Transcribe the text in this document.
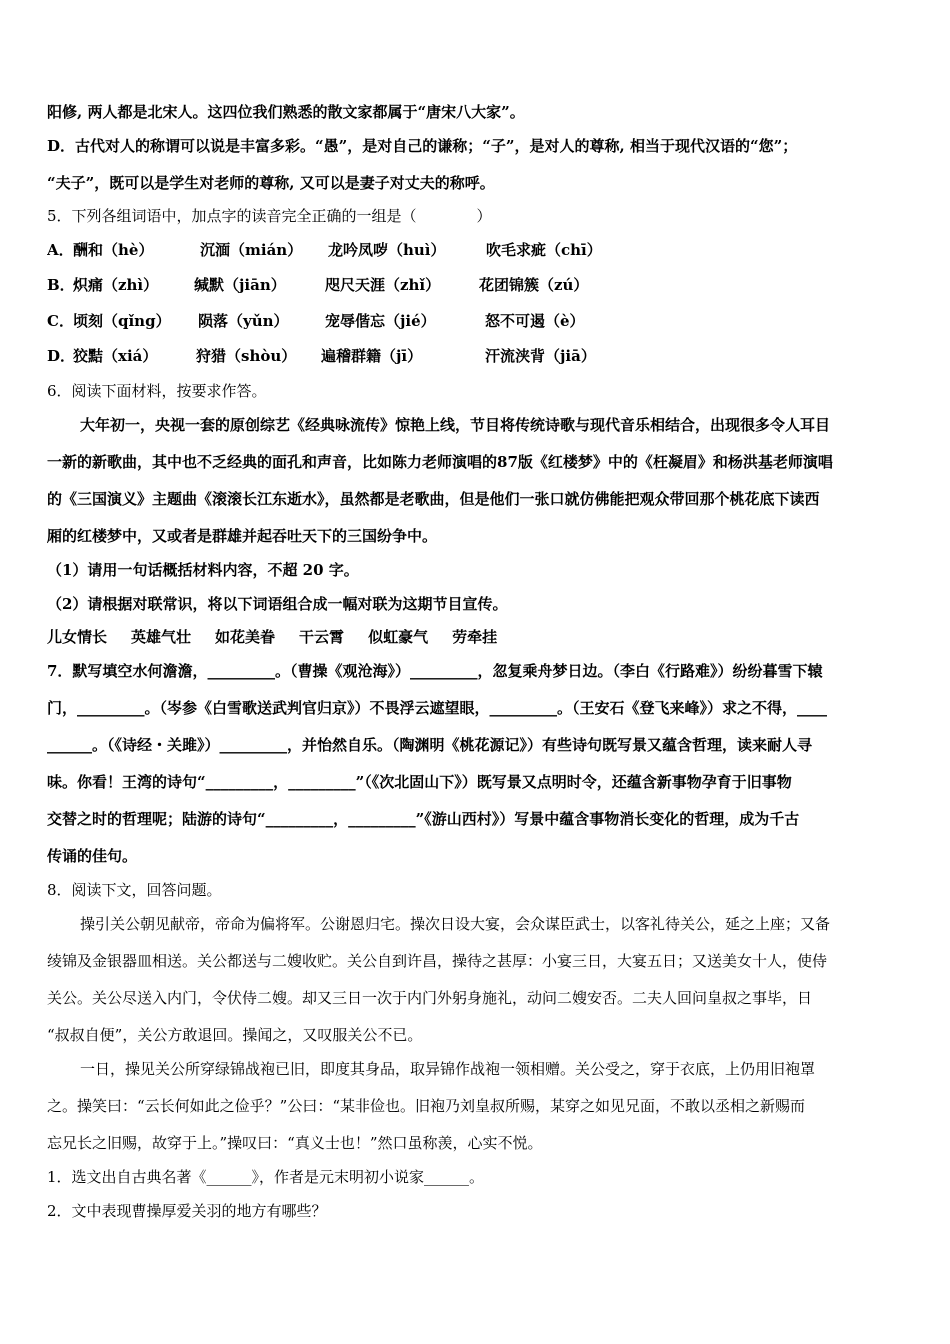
阳修, 两人都是北宋人。这四位我们熟悉的散文家都属于“唐宋八大家”。
D．古代对人的称谓可以说是丰富多彩。“愚”，是对自己的谦称；“子”，是对人的尊称, 相当于现代汉语的“您”；
“夫子”，既可以是学生对老师的尊称, 又可以是妻子对丈夫的称呼。
5．下列各组词语中，加点字的读音完全正确的一组是（　　　　）
A．酬和（hè）	沉湎（mián） 龙吟凤哕（huì）	吹毛求疵（chī）
B．炽痛（zhì） 缄默（jiān）	咫尺天涯（zhǐ）	花团锦簇（zú）
C．顷刻（qǐng） 陨落（yǔn） 宠辱偕忘（jié）	怒不可遏（è）
D．狡黠（xiá）	狩猎（shòu） 遍稽群籍（jī）	汗流浃背（jiā）
6．阅读下面材料，按要求作答。
大年初一，央视一套的原创综艺《经典咏流传》惊艳上线，节目将传统诗歌与现代音乐相结合，出现很多令人耳目
一新的新歌曲，其中也不乏经典的面孔和声音，比如陈力老师演唱的87版《红楼梦》中的《枉凝眉》和杨洪基老师演唱
的《三国演义》主题曲《滚滚长江东逝水》，虽然都是老歌曲，但是他们一张口就仿佛能把观众带回那个桃花底下读西
厢的红楼梦中，又或者是群雄并起吞吐天下的三国纷争中。
（1）请用一句话概括材料内容，不超 20 字。
（2）请根据对联常识，将以下词语组合成一幅对联为这期节目宣传。
儿女情长 英雄气壮 如花美眷 干云霄 似虹豪气 劳牵挂
7．默写填空水何澹澹，_________。（曹操《观沧海》）_________，忽复乘舟梦日边。（李白《行路难》）纷纷暮雪下辕
门，_________。（岑参《白雪歌送武判官归京》）不畏浮云遮望眼，_________。（王安石《登飞来峰》）求之不得，____
______。（《诗经・关雎》）_________，并怡然自乐。（陶渊明《桃花源记》）有些诗句既写景又蕴含哲理，读来耐人寻
味。你看！王湾的诗句“_________，_________”（《次北固山下》）既写景又点明时令，还蕴含新事物孕育于旧事物
交替之时的哲理呢；陆游的诗句“_________，_________”《游山西村》）写景中蕴含事物消长变化的哲理，成为千古
传诵的佳句。
8．阅读下文，回答问题。
操引关公朝见献帝，帝命为偏将军。公谢恩归宅。操次日设大宴，会众谋臣武士，以客礼待关公，延之上座；又备
绫锦及金银器皿相送。关公都送与二嫂收贮。关公自到许昌，操待之甚厚：小宴三日，大宴五日；又送美女十人，使侍
关公。关公尽送入内门，令伏侍二嫂。却又三日一次于内门外躬身施礼，动问二嫂安否。二夫人回问皇叔之事毕，日
“叔叔自便”，关公方敢退回。操闻之，又叹服关公不已。
一日，操见关公所穿绿锦战袍已旧，即度其身品，取异锦作战袍一领相赠。关公受之，穿于衣底，上仍用旧袍罩
之。操笑曰：“云长何如此之俭乎？”公曰：“某非俭也。旧袍乃刘皇叔所赐，某穿之如见兄面，不敢以丞相之新赐而
忘兄长之旧赐，故穿于上。”操叹曰：“真义士也！”然口虽称羡，心实不悦。
1．选文出自古典名著《______》，作者是元末明初小说家______。
2．文中表现曹操厚爱关羽的地方有哪些？
